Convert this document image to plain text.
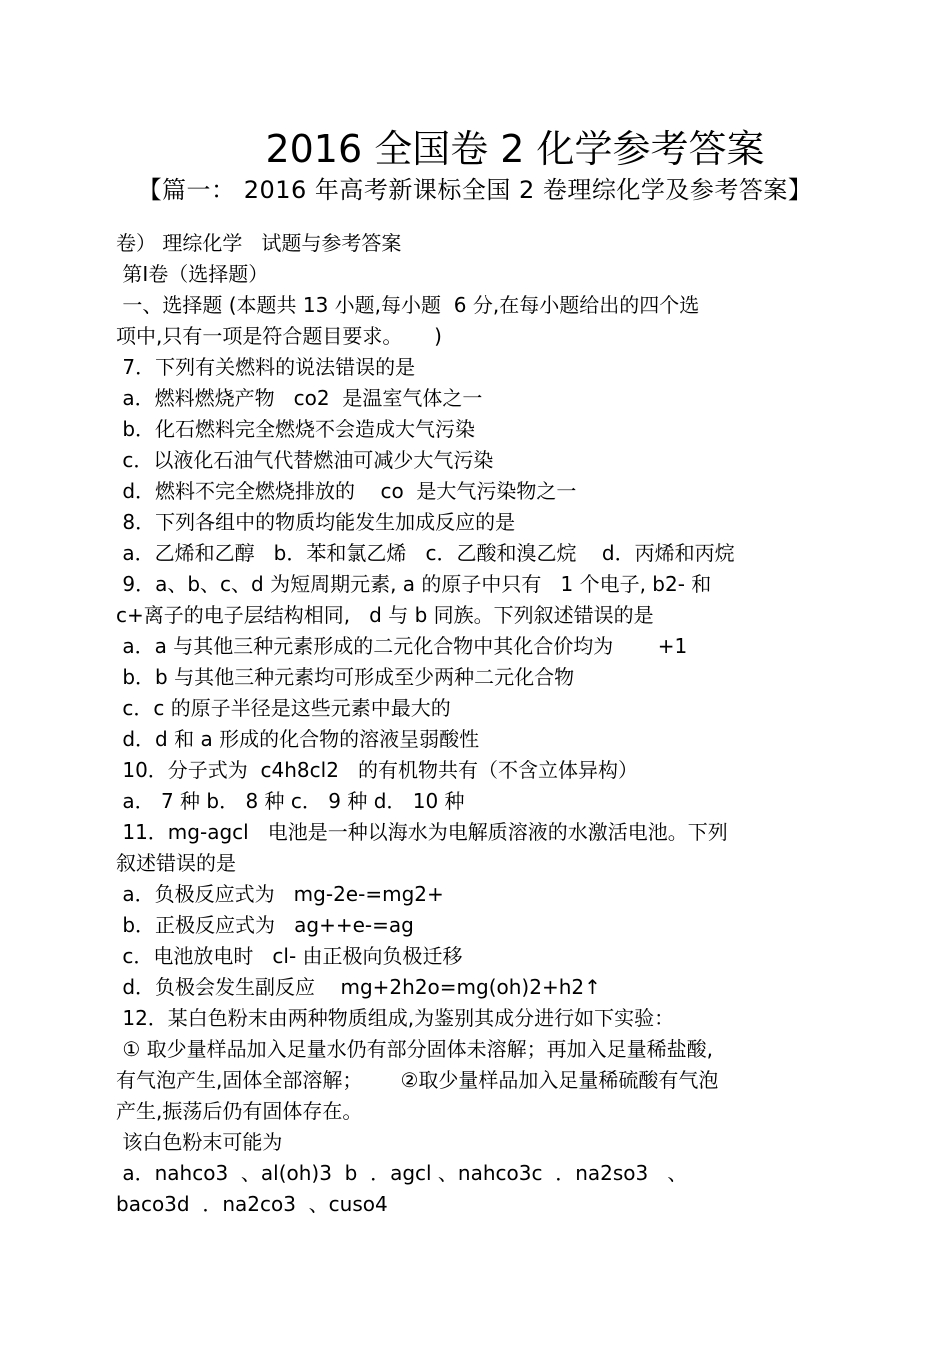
2016 全国卷 2 化学参考答案
【篇一： 2016 年高考新课标全国 2 卷理综化学及参考答案】
卷） 理综化学   试题与参考答案
第Ⅰ卷（选择题）
一、选择题 (本题共 13 小题,每小题  6 分,在每小题给出的四个选
项中,只有一项是符合题目要求。     )
7．下列有关燃料的说法错误的是
a．燃料燃烧产物   co2  是温室气体之一
b．化石燃料完全燃烧不会造成大气污染
c．以液化石油气代替燃油可减少大气污染
d．燃料不完全燃烧排放的    co  是大气污染物之一
8．下列各组中的物质均能发生加成反应的是
a．乙烯和乙醇   b．苯和氯乙烯   c．乙酸和溴乙烷    d．丙烯和丙烷
9．a、b、c、d 为短周期元素, a 的原子中只有   1 个电子, b2- 和
c+离子的电子层结构相同,   d 与 b 同族。下列叙述错误的是
a．a 与其他三种元素形成的二元化合物中其化合价均为       +1
b．b 与其他三种元素均可形成至少两种二元化合物
c．c 的原子半径是这些元素中最大的
d．d 和 a 形成的化合物的溶液呈弱酸性
10．分子式为  c4h8cl2   的有机物共有（不含立体异构）
a． 7 种 b． 8 种 c． 9 种 d． 10 种
11．mg-agcl   电池是一种以海水为电解质溶液的水激活电池。下列
叙述错误的是
a．负极反应式为   mg-2e-=mg2+
b．正极反应式为   ag++e-=ag
c．电池放电时   cl- 由正极向负极迁移
d．负极会发生副反应    mg+2h2o=mg(oh)2+h2↑
12．某白色粉末由两种物质组成,为鉴别其成分进行如下实验：
① 取少量样品加入足量水仍有部分固体未溶解；再加入足量稀盐酸,
有气泡产生,固体全部溶解；      ②取少量样品加入足量稀硫酸有气泡
产生,振荡后仍有固体存在。
该白色粉末可能为
a．nahco3  、al(oh)3  b  ．agcl 、nahco3c  ．na2so3   、
baco3d  ．na2co3  、cuso4
